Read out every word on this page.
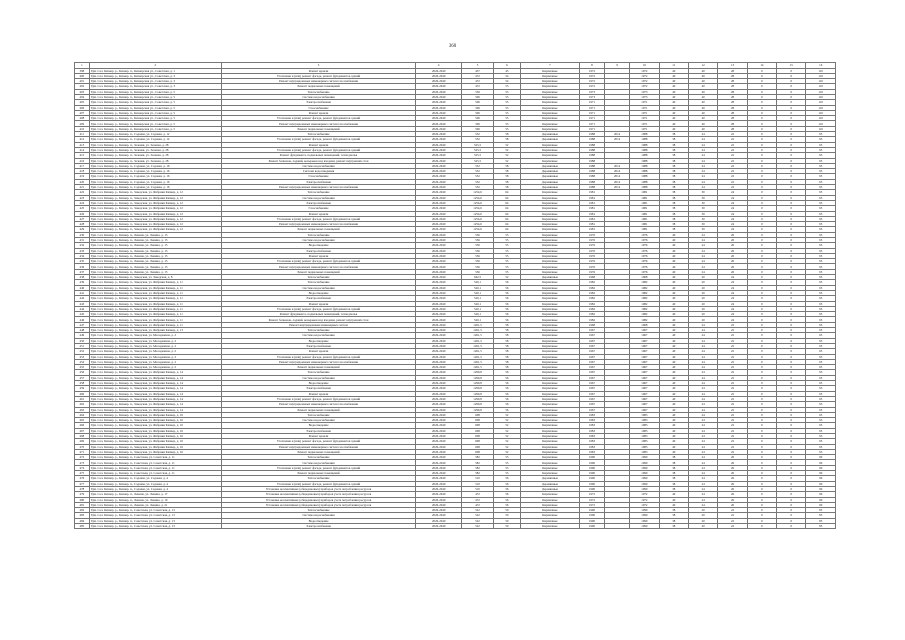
360
1	2	3	4	5	6	7	8	9	10	11	12	13	14	15	16
398	Удм. Сел. Кизнер. р., Кизнер. п., Кизнерская ул., Советская, д. 1	Ремонт кровли	2026-2040	437	45	Кирпичные	1972		1972	40	40	28	0	0	110
400	Удм. Сел. Кизнер. р., Кизнер. п., Кизнерская ул., Советская, д. 3	Утепление и (или) ремонт фасада, ремонт фундаментов зданий	2026-2040	472	54	Кирпичные	1972		1972	40	40	28	0	0	110
401	Удм. Сел. Кизнер. р., Кизнер. п., Кизнерская ул., Советская, д. 3	Ремонт внутридомовых инженерных систем газоснабжения	2026-2040	472	54	Кирпичные	1972		1972	40	40	28	0	0	110
402	Удм. Сел. Кизнер. р., Кизнер. п., Кизнерская ул., Советская, д. 3	Ремонт подвальных помещений	2026-2040	472	55	Кирпичные	1972		1972	40	40	28	0	0	110
403	Удм. Сел. Кизнер. р., Кизнер. п., Кизнерская ул., Советская, д. 5	Теплоснабжение	2026-2040	556	55	Кирпичные	1973		1973	40	40	28	0	0	110
404	Удм. Сел. Кизнер. р., Кизнер. п., Кизнерская ул., Советская, д. 5	Система водоснабжения	2026-2040	506	55	Кирпичные	1973		1973	40	40	28	0	0	110
405	Удм. Сел. Кизнер. р., Кизнер. п., Кизнерская ул., Советская, д. 5	Электроснабжение	2026-2040	506	55	Кирпичные	1971		1971	40	40	28	0	0	110
406	Удм. Сел. Кизнер. р., Кизнер. п., Кизнерская ул., Советская, д. 5	Газоснабжение	2026-2040	506	55	Кирпичные	1971		1971	40	40	28	0	0	110
407	Удм. Сел. Кизнер. р., Кизнер. п., Кизнерская ул., Советская, д. 5	Ремонт кровли	2026-2040	506	55	Кирпичные	1971		1971	40	40	28	0	0	110
408	Удм. Сел. Кизнер. р., Кизнер. п., Кизнерская ул., Советская, д. 5	Утепление и (или) ремонт фасада, ремонт фундаментов зданий	2026-2040	506	55	Кирпичные	1971		1971	40	40	28	0	0	110
409	Удм. Сел. Кизнер. р., Кизнер. п., Кизнерская ул., Советская, д. 5	Ремонт внутридомовых инженерных систем газоснабжения	2026-2040	506	55	Кирпичные	1971		1971	40	40	28	0	0	110
410	Удм. Сел. Кизнер. р., Кизнер. п., Кизнерская ул., Советская, д. 5	Ремонт подвальных помещений	2026-2040	506	55	Кирпичные	1971		1971	40	40	28	0	0	110
411	Удм. Сел. Кизнер. р., Кизнер. п., Садовая, ул. Садовая, д. 12	Теплоснабжение	2026-2040	552	58	Деревянные	1988	2014	1988	38	24	22	0	0	95
412	Удм. Сел. Кизнер. р., Кизнер. п., Садовая, ул. Садовая, д. 12	Утепление и (или) ремонт фасада, ремонт фундаментов зданий	2026-2040	552	58	Деревянные	1988	2014	1988	38	24	22	0	0	95
413	Удм. Сел. Кизнер. р., Кизнер. п., Зеленая, ул. Зеленая, д. 28	Ремонт кровли	2026-2040	525,5	52	Кирпичные	1988		1988	38	24	22	0	0	95
414	Удм. Сел. Кизнер. р., Кизнер. п., Зеленая, ул. Зеленая, д. 28	Утепление и (или) ремонт фасада, ремонт фундаментов зданий	2026-2040	525,5	52	Кирпичные	1988		1988	38	24	22	0	0	95
415	Удм. Сел. Кизнер. р., Кизнер. п., Зеленая, ул. Зеленая, д. 28	Ремонт фундамента, подвальных помещений, техподполья	2026-2040	525,5	52	Кирпичные	1988		1988	38	24	22	0	0	95
416	Удм. Сел. Кизнер. р., Кизнер. п., Зеленая, ул. Зеленая, д. 28	Ремонт балконов, лоджий, козырьков над входами, ремонт внутренних стен	2026-2040	525,5	52	Кирпичные	1988		1988	38	24	22	0	0	95
417	Удм. Сел. Кизнер. р., Кизнер. п., Садовая, ул. Садовая, д. 16	Система водоснабжения	2026-2040	552	58	Деревянные	1988	2014	1988	38	24	22	0	0	95
418	Удм. Сел. Кизнер. р., Кизнер. п., Садовая, ул. Садовая, д. 16	Система водоотведения	2026-2040	552	58	Деревянные	1988	2014	1988	38	24	22	0	0	95
419	Удм. Сел. Кизнер. р., Кизнер. п., Садовая, ул. Садовая, д. 16	Газоснабжение	2026-2040	552	58	Деревянные	1988	2014	1988	38	24	22	0	0	95
420	Удм. Сел. Кизнер. р., Кизнер. п., Садовая, ул. Садовая, д. 16	Электроснабжение	2026-2040	552	58	Деревянные	1988	2014	1988	38	24	22	0	0	95
421	Удм. Сел. Кизнер. р., Кизнер. п., Садовая, ул. Садовая, д. 16	Ремонт внутридомовых инженерных систем газоснабжения	2026-2040	552	58	Деревянные	1988	2014	1988	38	24	22	0	0	95
422	Удм. Сел. Кизнер. р., Кизнер. п., Заводская, ул. Фабрики Кизнер, д. 12	Теплоснабжение	2026-2040	1254,6	64	Кирпичные	1981		1981	38	30	24	0	0	95
423	Удм. Сел. Кизнер. р., Кизнер. п., Заводская, ул. Фабрики Кизнер, д. 12	Система водоснабжения	2026-2040	1254,6	64	Кирпичные	1981		1981	38	30	24	0	0	95
424	Удм. Сел. Кизнер. р., Кизнер. п., Заводская, ул. Фабрики Кизнер, д. 12	Электроснабжение	2026-2040	1254,6	64	Кирпичные	1981		1981	38	30	24	0	0	95
425	Удм. Сел. Кизнер. р., Кизнер. п., Заводская, ул. Фабрики Кизнер, д. 12	Газоснабжение	2026-2040	1254,6	64	Кирпичные	1981		1981	38	30	24	0	0	95
426	Удм. Сел. Кизнер. р., Кизнер. п., Заводская, ул. Фабрики Кизнер, д. 12	Ремонт кровли	2026-2040	1254,6	64	Кирпичные	1981		1981	38	30	24	0	0	95
427	Удм. Сел. Кизнер. р., Кизнер. п., Заводская, ул. Фабрики Кизнер, д. 12	Утепление и (или) ремонт фасада, ремонт фундаментов зданий	2026-2040	1254,6	64	Кирпичные	1981		1981	38	30	24	0	0	95
428	Удм. Сел. Кизнер. р., Кизнер. п., Заводская, ул. Фабрики Кизнер, д. 12	Ремонт внутридомовых инженерных систем газоснабжения	2026-2040	1254,6	64	Кирпичные	1981		1981	38	30	24	0	0	95
429	Удм. Сел. Кизнер. р., Кизнер. п., Заводская, ул. Фабрики Кизнер, д. 12	Ремонт подвальных помещений	2026-2040	1254,6	64	Кирпичные	1981		1981	38	30	24	0	0	95
430	Удм. Сел. Кизнер. р., Кизнер. п., Ленина, ул. Ленина, д. 15	Теплоснабжение	2026-2040	536	55	Кирпичные	1976		1976	40	24	26	0	0	95
431	Удм. Сел. Кизнер. р., Кизнер. п., Ленина, ул. Ленина, д. 15	Система водоснабжения	2026-2040	536	55	Кирпичные	1976		1976	40	24	26	0	0	95
432	Удм. Сел. Кизнер. р., Кизнер. п., Ленина, ул. Ленина, д. 15	Водоотведение	2026-2040	536	55	Кирпичные	1976		1976	40	24	26	0	0	95
433	Удм. Сел. Кизнер. р., Кизнер. п., Ленина, ул. Ленина, д. 15	Электроснабжение	2026-2040	536	55	Кирпичные	1976		1976	40	24	26	0	0	95
434	Удм. Сел. Кизнер. р., Кизнер. п., Ленина, ул. Ленина, д. 15	Ремонт кровли	2026-2040	536	55	Кирпичные	1976		1976	40	24	26	0	0	95
435	Удм. Сел. Кизнер. р., Кизнер. п., Ленина, ул. Ленина, д. 15	Утепление и (или) ремонт фасада, ремонт фундаментов зданий	2026-2040	536	55	Кирпичные	1976		1976	40	24	26	0	0	95
436	Удм. Сел. Кизнер. р., Кизнер. п., Ленина, ул. Ленина, д. 15	Ремонт внутридомовых инженерных систем газоснабжения	2026-2040	536	55	Кирпичные	1976		1976	40	24	26	0	0	95
437	Удм. Сел. Кизнер. р., Кизнер. п., Ленина, ул. Ленина, д. 15	Ремонт подвальных помещений	2026-2040	536	55	Кирпичные	1976		1976	40	24	26	0	0	95
438	Удм. Сел. Кизнер. р., Кизнер. п., Заводская, ул. Заводская, д. 8	Теплоснабжение	2026-2040	942,5	52	Деревянные	1968		1968	40	20	24	0	0	95
439	Удм. Сел. Кизнер. р., Кизнер. п., Заводская, ул. Фабрики Кизнер, д. 11	Теплоснабжение	2026-2040	520,1	56	Кирпичные	1982		1982	40	20	24	0	0	95
440	Удм. Сел. Кизнер. р., Кизнер. п., Заводская, ул. Фабрики Кизнер, д. 11	Система водоснабжения	2026-2040	520,1	56	Кирпичные	1982		1982	40	20	24	0	0	95
441	Удм. Сел. Кизнер. р., Кизнер. п., Заводская, ул. Фабрики Кизнер, д. 11	Водоотведение	2026-2040	520,1	56	Кирпичные	1982		1982	40	20	24	0	0	95
442	Удм. Сел. Кизнер. р., Кизнер. п., Заводская, ул. Фабрики Кизнер, д. 11	Электроснабжение	2026-2040	520,1	56	Кирпичные	1982		1982	40	20	24	0	0	95
443	Удм. Сел. Кизнер. р., Кизнер. п., Заводская, ул. Фабрики Кизнер, д. 11	Ремонт кровли	2026-2040	520,1	56	Кирпичные	1982		1982	40	20	24	0	0	95
444	Удм. Сел. Кизнер. р., Кизнер. п., Заводская, ул. Фабрики Кизнер, д. 11	Утепление и (или) ремонт фасада, ремонт фундаментов зданий	2026-2040	520,1	56	Кирпичные	1982		1982	40	20	24	0	0	95
445	Удм. Сел. Кизнер. р., Кизнер. п., Заводская, ул. Фабрики Кизнер, д. 11	Ремонт фундамента, подвальных помещений, техподполья	2026-2040	520,1	56	Кирпичные	1982		1982	40	20	24	0	0	95
446	Удм. Сел. Кизнер. р., Кизнер. п., Заводская, ул. Фабрики Кизнер, д. 11	Ремонт балконов, лоджий, козырьков над входами, ремонт внутренних стен	2026-2040	520,1	56	Кирпичные	1982		1982	40	20	24	0	0	95
447	Удм. Сел. Кизнер. р., Кизнер. п., Заводская, ул. Фабрики Кизнер, д. 11	Ремонт внутридомовых инженерных систем	2026-2040	1261,5	58	Кирпичные	1968		1968	40	24	22	0	0	95
448	Удм. Сел. Кизнер. р., Кизнер. п., Заводская, ул. Фабрики Кизнер, д. 13	Теплоснабжение	2026-2040	1261,5	58	Кирпичные	1967		1967	40	24	22	0	0	95
449	Удм. Сел. Кизнер. р., Кизнер. п., Заводская, ул. Молодежная, д. 2	Система водоснабжения	2026-2040	1261,5	58	Кирпичные	1967		1967	40	24	22	0	0	95
450	Удм. Сел. Кизнер. р., Кизнер. п., Заводская, ул. Молодежная, д. 2	Водоотведение	2026-2040	1261,5	58	Кирпичные	1967		1967	40	24	22	0	0	95
451	Удм. Сел. Кизнер. р., Кизнер. п., Заводская, ул. Молодежная, д. 2	Электроснабжение	2026-2040	1261,5	58	Кирпичные	1967		1967	40	24	22	0	0	95
452	Удм. Сел. Кизнер. р., Кизнер. п., Заводская, ул. Молодежная, д. 2	Ремонт кровли	2026-2040	1261,5	58	Кирпичные	1967		1967	40	24	22	0	0	95
453	Удм. Сел. Кизнер. р., Кизнер. п., Заводская, ул. Молодежная, д. 2	Утепление и (или) ремонт фасада, ремонт фундаментов зданий	2026-2040	1261,5	58	Кирпичные	1967		1967	40	24	22	0	0	95
454	Удм. Сел. Кизнер. р., Кизнер. п., Заводская, ул. Молодежная, д. 2	Ремонт внутридомовых инженерных систем газоснабжения	2026-2040	1261,5	58	Кирпичные	1967		1967	40	24	22	0	0	95
455	Удм. Сел. Кизнер. р., Кизнер. п., Заводская, ул. Молодежная, д. 2	Ремонт подвальных помещений	2026-2040	1261,5	58	Кирпичные	1967		1967	40	24	22	0	0	95
456	Удм. Сел. Кизнер. р., Кизнер. п., Заводская, ул. Фабрики Кизнер, д. 14	Теплоснабжение	2026-2040	1299,8	56	Кирпичные	1967		1967	40	24	22	0	0	95
457	Удм. Сел. Кизнер. р., Кизнер. п., Заводская, ул. Фабрики Кизнер, д. 14	Система водоснабжения	2026-2040	1299,8	56	Кирпичные	1967		1967	40	24	22	0	0	95
458	Удм. Сел. Кизнер. р., Кизнер. п., Заводская, ул. Фабрики Кизнер, д. 14	Водоотведение	2026-2040	1299,8	56	Кирпичные	1967		1967	40	24	22	0	0	95
459	Удм. Сел. Кизнер. р., Кизнер. п., Заводская, ул. Фабрики Кизнер, д. 14	Электроснабжение	2026-2040	1299,8	56	Кирпичные	1967		1967	40	24	22	0	0	95
460	Удм. Сел. Кизнер. р., Кизнер. п., Заводская, ул. Фабрики Кизнер, д. 14	Ремонт кровли	2026-2040	1299,8	56	Кирпичные	1967		1967	40	24	22	0	0	95
461	Удм. Сел. Кизнер. р., Кизнер. п., Заводская, ул. Фабрики Кизнер, д. 14	Утепление и (или) ремонт фасада, ремонт фундаментов зданий	2026-2040	1299,8	56	Кирпичные	1967		1967	40	24	22	0	0	95
462	Удм. Сел. Кизнер. р., Кизнер. п., Заводская, ул. Фабрики Кизнер, д. 14	Ремонт внутридомовых инженерных систем газоснабжения	2026-2040	1299,8	56	Кирпичные	1967		1967	40	24	22	0	0	95
463	Удм. Сел. Кизнер. р., Кизнер. п., Заводская, ул. Фабрики Кизнер, д. 14	Ремонт подвальных помещений	2026-2040	1299,8	56	Кирпичные	1967		1967	40	24	22	0	0	95
464	Удм. Сел. Кизнер. р., Кизнер. п., Заводская, ул. Фабрики Кизнер, д. 16	Теплоснабжение	2026-2040	608	52	Кирпичные	1983		1983	40	24	22	0	0	95
465	Удм. Сел. Кизнер. р., Кизнер. п., Заводская, ул. Фабрики Кизнер, д. 16	Система водоснабжения	2026-2040	608	52	Кирпичные	1983		1983	40	24	22	0	0	95
466	Удм. Сел. Кизнер. р., Кизнер. п., Заводская, ул. Фабрики Кизнер, д. 16	Водоотведение	2026-2040	608	52	Кирпичные	1983		1983	40	24	22	0	0	95
467	Удм. Сел. Кизнер. р., Кизнер. п., Заводская, ул. Фабрики Кизнер, д. 16	Электроснабжение	2026-2040	608	52	Кирпичные	1983		1983	40	24	22	0	0	95
468	Удм. Сел. Кизнер. р., Кизнер. п., Заводская, ул. Фабрики Кизнер, д. 16	Ремонт кровли	2026-2040	608	52	Кирпичные	1983		1983	40	24	22	0	0	95
469	Удм. Сел. Кизнер. р., Кизнер. п., Заводская, ул. Фабрики Кизнер, д. 16	Утепление и (или) ремонт фасада, ремонт фундаментов зданий	2026-2040	608	52	Кирпичные	1983		1983	40	24	22	0	0	95
470	Удм. Сел. Кизнер. р., Кизнер. п., Заводская, ул. Фабрики Кизнер, д. 16	Ремонт внутридомовых инженерных систем газоснабжения	2026-2040	608	52	Кирпичные	1983		1983	40	24	22	0	0	95
471	Удм. Сел. Кизнер. р., Кизнер. п., Заводская, ул. Фабрики Кизнер, д. 16	Ремонт подвальных помещений	2026-2040	608	52	Кирпичные	1983		1983	40	24	22	0	0	95
472	Удм. Сел. Кизнер. р., Кизнер. п., Советская, ул. Советская, д. 11	Теплоснабжение	2026-2040	582	55	Кирпичные	1990		1990	38	24	26	0	0	90
473	Удм. Сел. Кизнер. р., Кизнер. п., Советская, ул. Советская, д. 11	Система водоснабжения	2026-2040	582	55	Кирпичные	1990		1990	38	24	26	0	0	90
474	Удм. Сел. Кизнер. р., Кизнер. п., Советская, ул. Советская, д. 11	Утепление и (или) ремонт фасада, ремонт фундаментов зданий	2026-2040	582	55	Кирпичные	1990		1990	38	24	26	0	0	90
475	Удм. Сел. Кизнер. р., Кизнер. п., Советская, ул. Советская, д. 11	Ремонт подвальных помещений	2026-2040	582	55	Кирпичные	1990		1990	38	24	26	0	0	90
476	Удм. Сел. Кизнер. р., Кизнер. п., Садовая, ул. Садовая, д. 4	Теплоснабжение	2026-2040	510	56	Деревянные	1990		1990	38	24	26	0	0	90
477	Удм. Сел. Кизнер. р., Кизнер. п., Садовая, ул. Садовая, д. 4	Утепление и (или) ремонт фасада, ремонт фундаментов зданий	2026-2040	510	56	Деревянные	1990		1990	38	24	26	0	0	90
478	Удм. Сел. Кизнер. р., Кизнер. п., Садовая, ул. Садовая, д. 4	Установка коллективных (общедомовых) приборов учета потребления ресурсов	2026-2040	510	56	Деревянные	1990		1990	38	24	26	0	0	90
479	Удм. Сел. Кизнер. р., Кизнер. п., Ленина, ул. Ленина, д. 17	Установка коллективных (общедомовых) приборов учета потребления ресурсов	2026-2040	472	56	Кирпичные	1972		1972	40	24	26	0	0	90
480	Удм. Сел. Кизнер. р., Кизнер. п., Ленина, ул. Ленина, д. 19	Установка коллективных (общедомовых) приборов учета потребления ресурсов	2026-2040	472	56	Кирпичные	1972		1972	40	24	26	0	0	90
481	Удм. Сел. Кизнер. р., Кизнер. п., Ленина, ул. Ленина, д. 21	Установка коллективных (общедомовых) приборов учета потребления ресурсов	2026-2040	472	56	Кирпичные	1972		1972	40	24	26	0	0	90
482	Удм. Сел. Кизнер. р., Кизнер. п., Советская, ул. Советская, д. 13	Теплоснабжение	2026-2040	522	50	Кирпичные	1990		1990	38	20	22	0	0	85
483	Удм. Сел. Кизнер. р., Кизнер. п., Советская, ул. Советская, д. 13	Система водоснабжения	2026-2040	522	50	Кирпичные	1990		1990	38	20	22	0	0	85
484	Удм. Сел. Кизнер. р., Кизнер. п., Советская, ул. Советская, д. 13	Водоотведение	2026-2040	522	50	Кирпичные	1990		1990	38	20	22	0	0	85
485	Удм. Сел. Кизнер. р., Кизнер. п., Советская, ул. Советская, д. 13	Электроснабжение	2026-2040	522	50	Кирпичные	1990		1990	38	20	22	0	0	85
